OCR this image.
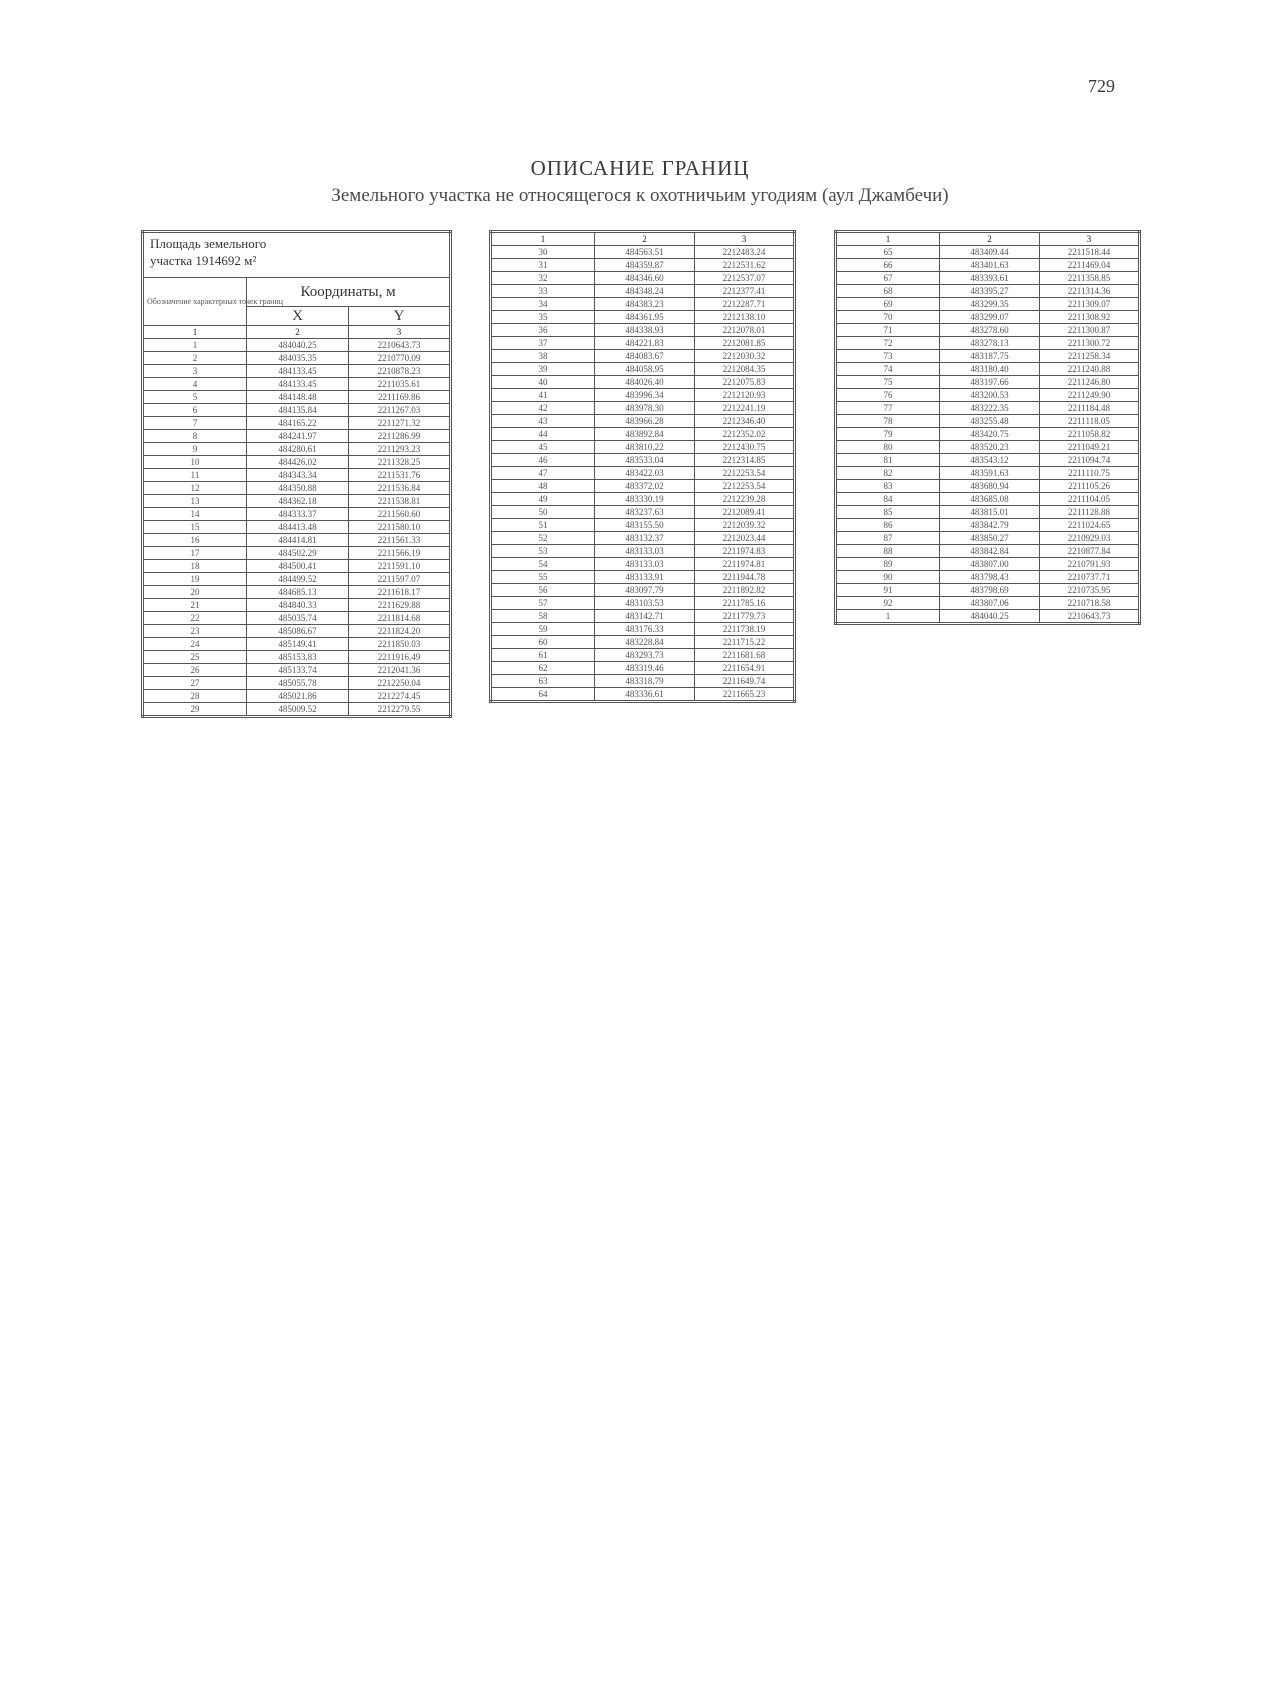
729
ОПИСАНИЕ ГРАНИЦ
Земельного участка не относящегося к охотничьим угодиям (аул Джамбечи)
Площадь земельного
участка 1914692 м²		

Обозначение характерных точек границ	Координаты, м	
	X	Y
1	2	3
1	484040.25	2210643.73
2	484035.35	2210770.09
3	484133.45	2210878.23
4	484133.45	2211035.61
5	484148.48	2211169.86
6	484135.84	2211267.03
7	484165.22	2211271.32
8	484241.97	2211286.99
9	484280.61	2211293.23
10	484426.02	2211328.25
11	484343.34	2211531.76
12	484350.88	2211536.84
13	484362.18	2211538.81
14	484333.37	2211560.60
15	484413.48	2211580.10
16	484414.81	2211561.33
17	484502.29	2211566.19
18	484500.41	2211591.10
19	484499.52	2211597.07
20	484685.13	2211618.17
21	484840.33	2211629.88
22	485035.74	2211814.68
23	485086.67	2211824.20
24	485149.41	2211850.03
25	485153.83	2211916.49
26	485133.74	2212041.36
27	485055.78	2212250.04
28	485021.86	2212274.45
29	485009.52	2212279.55
1	2	3
30	484563.51	2212483.24
31	484359.87	2212531.62
32	484346.60	2212537.07
33	484348.24	2212377.41
34	484383.23	2212287.71
35	484361.95	2212138.10
36	484338.93	2212078.01
37	484221.83	2212081.85
38	484083.67	2212030.32
39	484058.95	2212084.35
40	484026.40	2212075.83
41	483996.34	2212120.93
42	483978.30	2212241.19
43	483966.28	2212346.40
44	483892.84	2212352.02
45	483810.22	2212430.75
46	483533.04	2212314.85
47	483422.03	2212253.54
48	483372.02	2212253.54
49	483330.19	2212239.28
50	483237.63	2212089.41
51	483155.50	2212039.32
52	483132.37	2212023.44
53	483133.03	2211974.83
54	483133.03	2211974.81
55	483133.91	2211944.78
56	483097.79	2211892.82
57	483103.53	2211785.16
58	483142.71	2211779.73
59	483176.33	2211738.19
60	483228.84	2211715.22
61	483293.73	2211681.68
62	483319.46	2211654.91
63	483318.79	2211649.74
64	483336.61	2211665.23
1	2	3
65	483409.44	2211518.44
66	483401.63	2211469.04
67	483393.61	2211358.85
68	483395.27	2211314.36
69	483299.35	2211309.07
70	483299.07	2211308.92
71	483278.60	2211300.87
72	483278.13	2211300.72
73	483187.75	2211258.34
74	483180.40	2211240.88
75	483197.66	2211246.80
76	483200.53	2211249.90
77	483222.35	2211184.48
78	483255.48	2211118.05
79	483420.75	2211058.82
80	483520.23	2211049.21
81	483543.12	2211094.74
82	483591.63	2211110.75
83	483680.94	2211105.26
84	483685.08	2211104.05
85	483815.01	2211128.88
86	483842.79	2211024.65
87	483850.27	2210929.03
88	483842.84	2210877.84
89	483807.00	2210791.93
90	483798.43	2210737.71
91	483798.69	2210735.95
92	483807.06	2210718.58
1	484040.25	2210643.73
